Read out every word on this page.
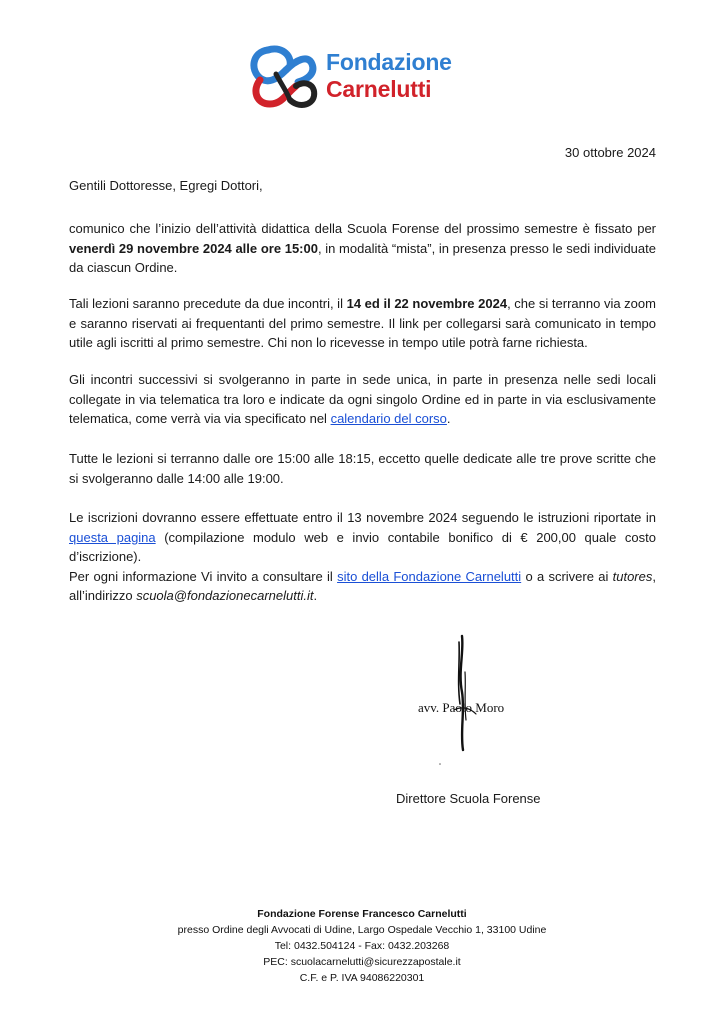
Fondazione
Carnelutti
30 ottobre 2024
Gentili Dottoresse, Egregi Dottori,
comunico che l’inizio dell’attività didattica della Scuola Forense del prossimo semestre è fissato per venerdì 29 novembre 2024 alle ore 15:00, in modalità “mista”, in presenza presso le sedi individuate da ciascun Ordine.
Tali lezioni saranno precedute da due incontri, il 14 ed il 22 novembre 2024, che si terranno via zoom e saranno riservati ai frequentanti del primo semestre. Il link per collegarsi sarà comunicato in tempo utile agli iscritti al primo semestre. Chi non lo ricevesse in tempo utile potrà farne richiesta.
Gli incontri successivi si svolgeranno in parte in sede unica, in parte in presenza nelle sedi locali collegate in via telematica tra loro e indicate da ogni singolo Ordine ed in parte in via esclusivamente telematica, come verrà via via specificato nel calendario del corso.
Tutte le lezioni si terranno dalle ore 15:00 alle 18:15, eccetto quelle dedicate alle tre prove scritte che si svolgeranno dalle 14:00 alle 19:00.
Le iscrizioni dovranno essere effettuate entro il 13 novembre 2024 seguendo le istruzioni riportate in questa pagina (compilazione modulo web e invio contabile bonifico di € 200,00 quale costo d’iscrizione).
Per ogni informazione Vi invito a consultare il sito della Fondazione Carnelutti o a scrivere ai tutores, all’indirizzo scuola@fondazionecarnelutti.it.
avv. Paolo Moro
Direttore Scuola Forense
Fondazione Forense Francesco Carnelutti
presso Ordine degli Avvocati di Udine, Largo Ospedale Vecchio 1, 33100 Udine
Tel: 0432.504124 - Fax: 0432.203268
PEC: scuolacarnelutti@sicurezzapostale.it
C.F. e P. IVA 94086220301
